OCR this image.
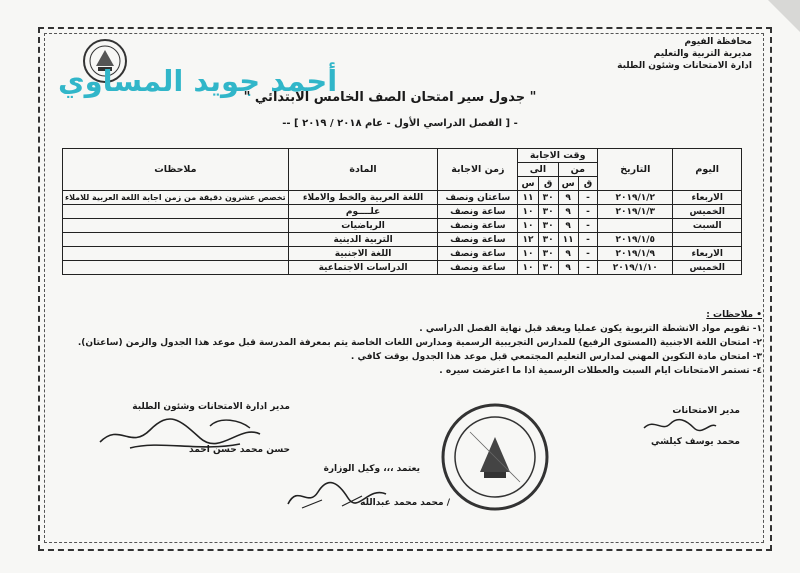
محافظة الفيوم
مديرية التربية والتعليم
ادارة الامتحانات وشئون الطلبة
أحمد جويد المساوي
" جدول سير امتحان الصف الخامس الابتدائي "
- [ الفصل الدراسي الأول - عام ٢٠١٨ / ٢٠١٩ ] --
اليوم	التاريخ	وقت الاجابة				زمن الاجابة	المادة	ملاحظات
		من		الى				
		ق	س	ق	س			
الاربعاء	٢٠١٩/١/٢	-	٩	٣٠	١١	ساعتان ونصف	اللغة العربية والخط والاملاء	تخصص عشرون دقيقة من زمن اجابة اللغة العربية للاملاء
الخميس	٢٠١٩/١/٣	-	٩	٣٠	١٠	ساعة ونصف	علــــوم	
السبت		-	٩	٣٠	١٠	ساعة ونصف	الرياضيات	
	٢٠١٩/١/٥	-	١١	٣٠	١٢	ساعة ونصف	التربية الدينية	
الاربعاء	٢٠١٩/١/٩	-	٩	٣٠	١٠	ساعة ونصف	اللغة الاجنبية	
الخميس	٢٠١٩/١/١٠	-	٩	٣٠	١٠	ساعة ونصف	الدراسات الاجتماعية	
• ملاحظات :
١- تقويم مواد الانشطة التربوية يكون عمليا ويعقد قبل نهاية الفصل الدراسي .
٢- امتحان اللغة الاجنبية (المستوى الرفيع) للمدارس التجريبية الرسمية ومدارس اللغات الخاصة يتم بمعرفة المدرسة قبل موعد هذا الجدول والزمن (ساعتان).
٣- امتحان مادة التكوين المهني لمدارس التعليم المجتمعي قبل موعد هذا الجدول بوقت كافي .
٤- تستمر الامتحانات ايام السبت والعطلات الرسمية اذا ما اعترضت سيره .
مدير الامتحانات
محمد يوسف كيلشي
مدير ادارة الامتحانات وشئون الطلبة
حسن محمد حسن احمد
يعتمد ،،، وكيل الوزارة
/ محمد محمد عبدالله
